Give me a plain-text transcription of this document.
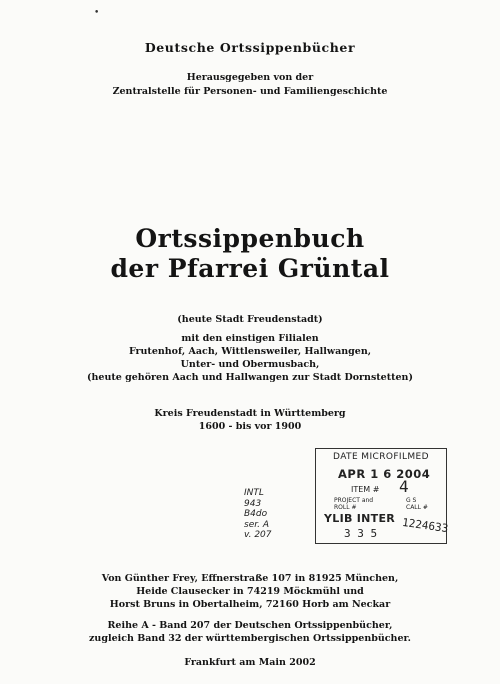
•
Deutsche Ortssippenbücher
Herausgegeben von der
Zentralstelle für Personen- und Familiengeschichte
Ortssippenbuch
der Pfarrei Grüntal
(heute Stadt Freudenstadt)
mit den einstigen Filialen
Frutenhof, Aach, Wittlensweiler, Hallwangen,
Unter- und Obermusbach,
(heute gehören Aach und Hallwangen zur Stadt Dornstetten)
Kreis Freudenstadt in Württemberg
1600 - bis vor 1900
INTL
943
B4do
ser. A
v. 207
DATE MICROFILMED
APR 1 6 2004
ITEM # 4
PROJECT and	G S
ROLL #	CALL #
YLIB INTER
3 3 5 1224633
Von Günther Frey, Effnerstraße 107 in 81925 München,
Heide Clausecker in 74219 Möckmühl und
Horst Bruns in Obertalheim, 72160 Horb am Neckar
Reihe A - Band 207 der Deutschen Ortssippenbücher,
zugleich Band 32 der württembergischen Ortssippenbücher.
Frankfurt am Main 2002
